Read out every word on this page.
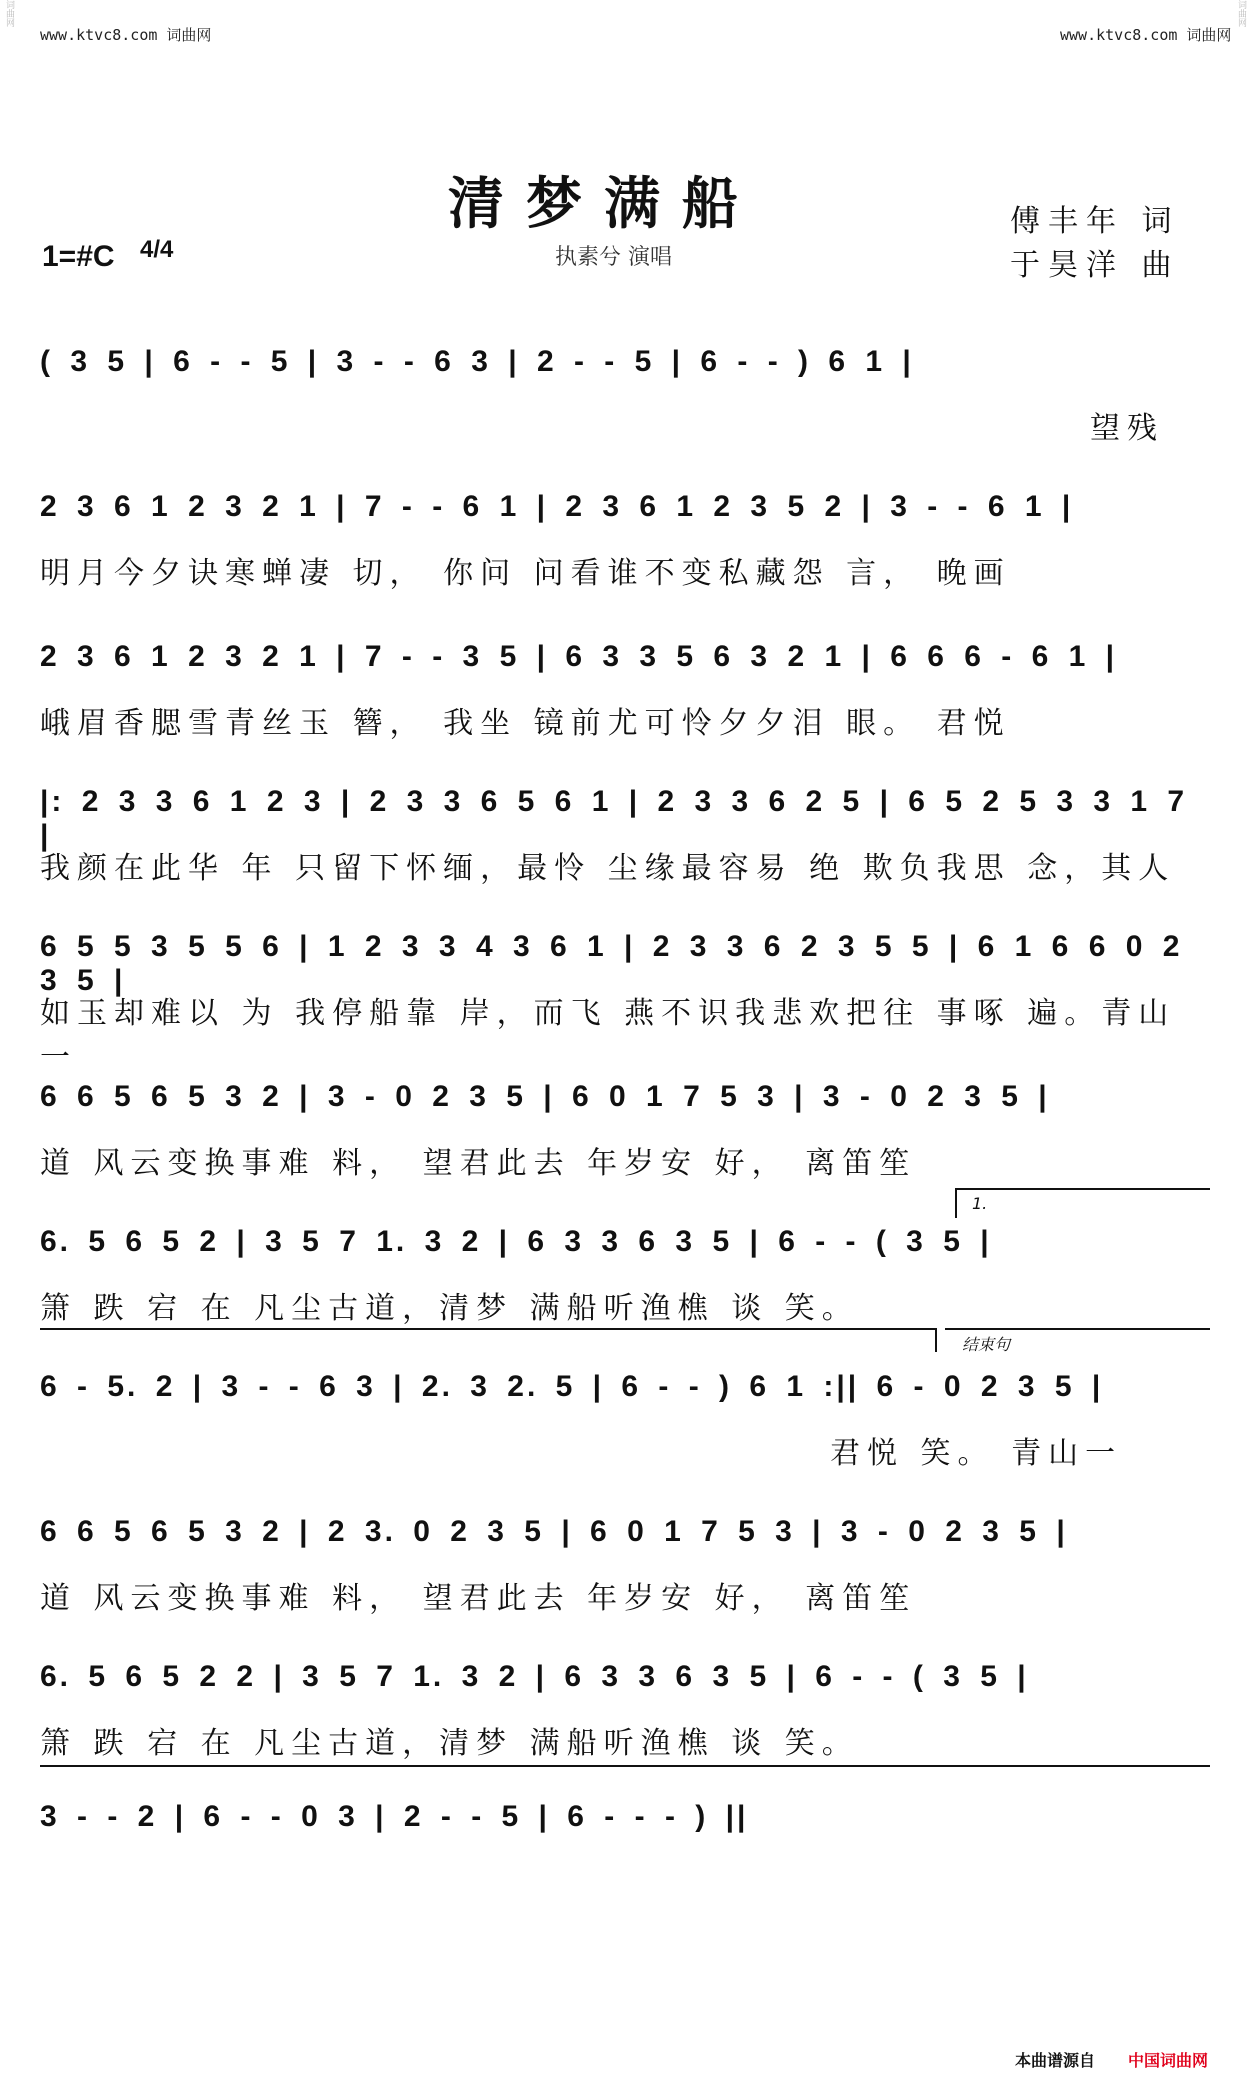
词曲网	词曲网
www.ktvc8.com 词曲网	www.ktvc8.com 词曲网
清梦满船
执素兮 演唱
傅丰年 词
于昊洋 曲
1=#C 4/4
( 3 5 | 6 - - 5 | 3 - - 6 3 | 2 - - 5 | 6 - - ) 6 1 |
望残
2 3 6 1 2 3 2 1 | 7 - - 6 1 | 2 3 6 1 2 3 5 2 | 3 - - 6 1 |
明月今夕诀寒蝉凄 切， 你问 问看谁不变私藏怨 言， 晚画
2 3 6 1 2 3 2 1 | 7 - - 3 5 | 6 3 3 5 6 3 2 1 | 6 6 6 - 6 1 |
峨眉香腮雪青丝玉 簪， 我坐 镜前尤可怜夕夕泪 眼。 君悦
|: 2 3 3 6 1 2 3 | 2 3 3 6 5 6 1 | 2 3 3 6 2 5 | 6 5 2 5 3 3 1 7 |
我颜在此华 年 只留下怀缅，最怜 尘缘最容易 绝 欺负我思 念，其人
6 5 5 3 5 5 6 | 1 2 3 3 4 3 6 1 | 2 3 3 6 2 3 5 5 | 6 1 6 6 0 2 3 5 |
如玉却难以 为 我停船靠 岸，而飞 燕不识我悲欢把往 事啄 遍。青山一
6 6 5 6 5 3 2 | 3 - 0 2 3 5 | 6 0 1 7 5 3 | 3 - 0 2 3 5 |
道 风云变换事难 料， 望君此去 年岁安 好， 离笛笙
1.
6. 5 6 5 2 | 3 5 7 1. 3 2 | 6 3 3 6 3 5 | 6 - - ( 3 5 |
箫 跌 宕 在 凡尘古道，清梦 满船听渔樵 谈 笑。
结束句
6 - 5. 2 | 3 - - 6 3 | 2. 3 2. 5 | 6 - - ) 6 1 :|| 6 - 0 2 3 5 |
君悦 笑。 青山一
6 6 5 6 5 3 2 | 2 3. 0 2 3 5 | 6 0 1 7 5 3 | 3 - 0 2 3 5 |
道 风云变换事难 料， 望君此去 年岁安 好， 离笛笙
6. 5 6 5 2 2 | 3 5 7 1. 3 2 | 6 3 3 6 3 5 | 6 - - ( 3 5 |
箫 跌 宕 在 凡尘古道，清梦 满船听渔樵 谈 笑。
3 - - 2 | 6 - - 0 3 | 2 - - 5 | 6 - - - ) ||
本曲谱源自 中国词曲网
